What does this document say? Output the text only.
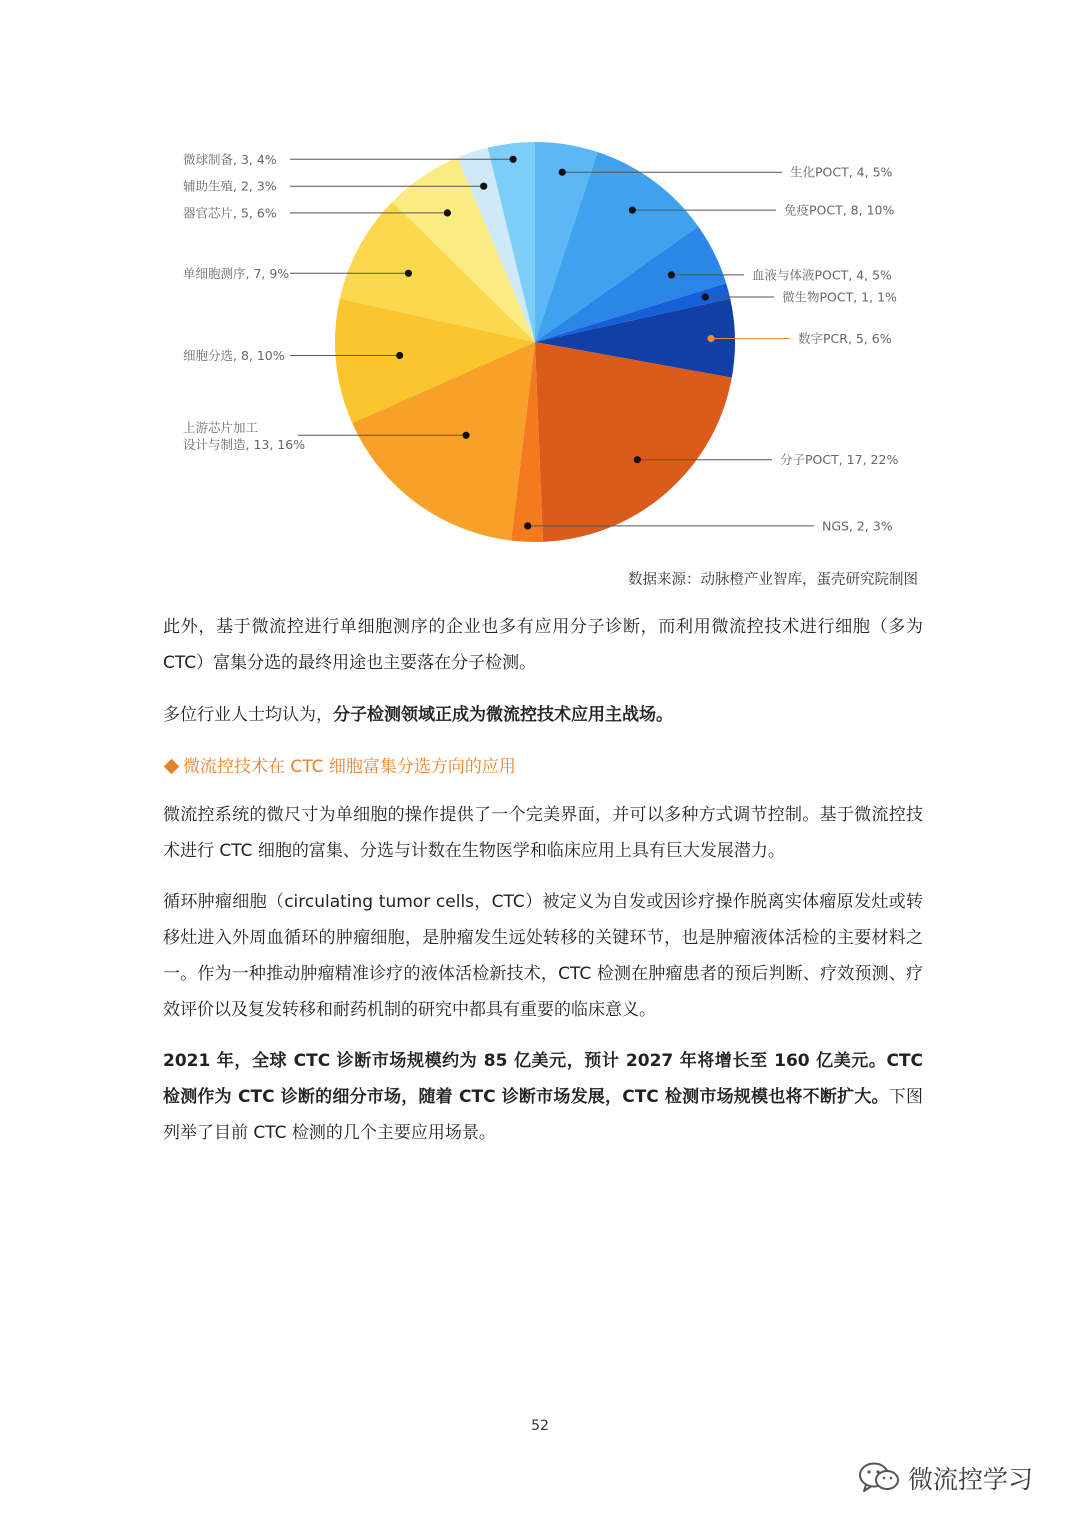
生化POCT, 4, 5%
免疫POCT, 8, 10%
血液与体液POCT, 4, 5%
微生物POCT, 1, 1%
数字PCR, 5, 6%
分子POCT, 17, 22%
NGS, 2, 3%
上游芯片加工设计与制造, 13, 16%
细胞分选, 8, 10%
单细胞测序, 7, 9%
器官芯片, 5, 6%
辅助生殖, 2, 3%
微球制备, 3, 4%
数据来源：动脉橙产业智库，蛋壳研究院制图

此外，基于微流控进行单细胞测序的企业也多有应用分子诊断，而利用微流控技术进行细胞（多为 CTC）富集分选的最终用途也主要落在分子检测。

多位行业人士均认为，分子检测领域正成为微流控技术应用主战场。

微流控技术在 CTC 细胞富集分选方向的应用

微流控系统的微尺寸为单细胞的操作提供了一个完美界面，并可以多种方式调节控制。基于微流控技术进行 CTC 细胞的富集、分选与计数在生物医学和临床应用上具有巨大发展潜力。

循环肿瘤细胞（circulating tumor cells，CTC）被定义为自发或因诊疗操作脱离实体瘤原发灶或转移灶进入外周血循环的肿瘤细胞，是肿瘤发生远处转移的关键环节，也是肿瘤液体活检的主要材料之一。作为一种推动肿瘤精准诊疗的液体活检新技术，CTC 检测在肿瘤患者的预后判断、疗效预测、疗效评价以及复发转移和耐药机制的研究中都具有重要的临床意义。

2021 年，全球 CTC 诊断市场规模约为 85 亿美元，预计 2027 年将增长至 160 亿美元。CTC 检测作为 CTC 诊断的细分市场，随着 CTC 诊断市场发展，CTC 检测市场规模也将不断扩大。下图列举了目前 CTC 检测的几个主要应用场景。

52
微流控学习
